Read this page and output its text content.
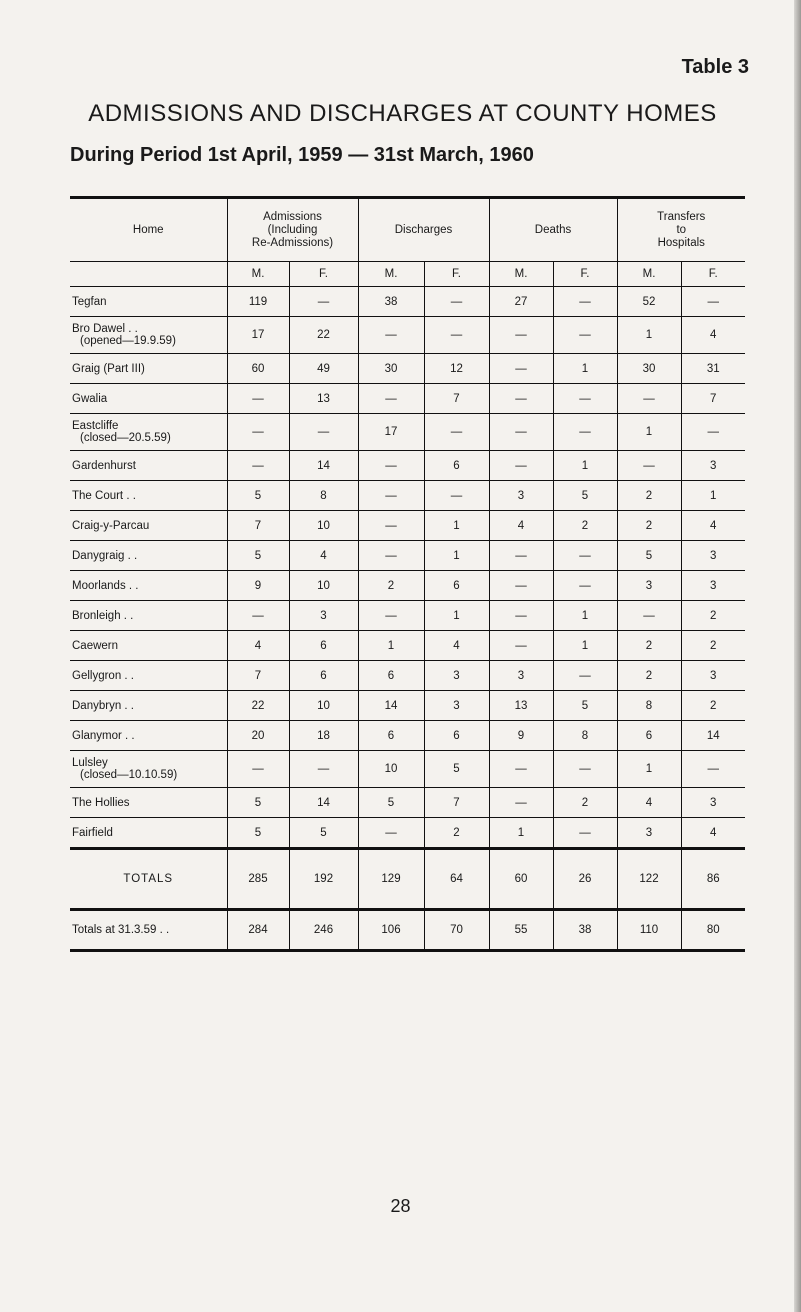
Table 3
ADMISSIONS AND DISCHARGES AT COUNTY HOMES
During Period 1st April, 1959 — 31st March, 1960

Home	Admissions
(Including
Re-Admissions)		Discharges		Deaths		Transfers
to
Hospitals	
	M.	F.	M.	F.	M.	F.	M.	F.

Tegfan	119	—	38	—	27	—	52	—

Bro Dawel . .
(opened—19.9.59)	17	22	—	—	—	—	1	4

Graig (Part III)	60	49	30	12	—	1	30	31

Gwalia	—	13	—	7	—	—	—	7

Eastcliffe
(closed—20.5.59)	—	—	17	—	—	—	1	—

Gardenhurst	—	14	—	6	—	1	—	3

The Court . .	5	8	—	—	3	5	2	1

Craig-y-Parcau	7	10	—	1	4	2	2	4

Danygraig . .	5	4	—	1	—	—	5	3

Moorlands . .	9	10	2	6	—	—	3	3

Bronleigh . .	—	3	—	1	—	1	—	2

Caewern	4	6	1	4	—	1	2	2

Gellygron . .	7	6	6	3	3	—	2	3

Danybryn . .	22	10	14	3	13	5	8	2

Glanymor . .	20	18	6	6	9	8	6	14

Lulsley
(closed—10.10.59)	—	—	10	5	—	—	1	—

The Hollies	5	14	5	7	—	2	4	3

Fairfield	5	5	—	2	1	—	3	4
TOTALS	285	192	129	64	60	26	122	86
Totals at 31.3.59 . .	284	246	106	70	55	38	110	80
28
